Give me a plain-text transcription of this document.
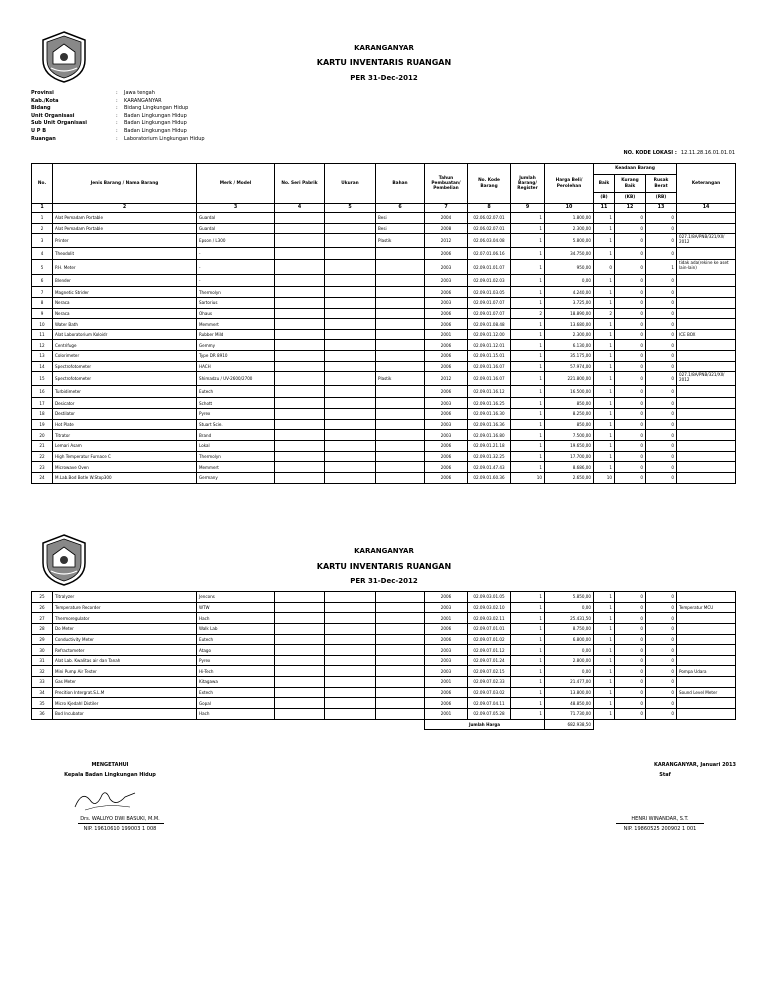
KARANGANYAR
KARTU INVENTARIS RUANGAN
PER 31-Dec-2012
Provinsi	:	Jawa tengah
Kab./Kota	:	KARANGANYAR
Bidang	:	Bidang Lingkungan Hidup
Unit Organisasi	:	Badan Lingkungan Hidup
Sub Unit Organisasi	:	Badan Lingkungan Hidup
U P B	:	Badan Lingkungan Hidup
Ruangan	:	Laboratorium Lingkungan Hidup
NO. KODE LOKASI : 12.11.28.16.01.01.01
No.	Jenis Barang / Nama Barang	Merk / Model	No. Seri Pabrik	Ukuran	Bahan	Tahun Pembuatan/ Pembelian	No. Kode Barang	Jumlah Barang/ Register	Harga Beli/ Perolehan	Keadaan Barang			Keterangan
										Baik	Kurang Baik	Rusak Berat	
										(B)	(KB)	(RB)	
1	2	3	4	5	6	7	8	9	10	11	12	13	14
1	Alat Pemadam Portable	Guardal			Besi	2004	02.06.02.07.01	1	1.800,00	1	0	0	
2	Alat Pemadam Portable	Guardal			Besi	2008	02.06.02.07.01	1	2.300,00	1	0	0	
3	Printer	Epson / L300			Plastik	2012	02.06.03.04.08	1	5.800,00	1	0	0	027.1/8A/PNB/321/XII/ 2012
4	Theodolit	-				2006	02.07.01.06.16	1	34.750,00	1	0	0	
5	P.H. Meter	-				2003	02.09.01.01.07	1	950,00	0	0	1	tidak ada(rekine ke aset lain-lain)
6	Blender	-				2003	02.09.01.02.03	1	0,00	1	0	0	
7	Magnetic Strider	Thermolyn				2006	02.09.01.03.05	1	4.240,00	1	0	0	
8	Neraca	Sartorius				2003	02.09.01.07.07	1	3.725,00	1	0	0	
9	Neraca	Ohaus				2006	02.09.01.07.07	2	18.890,00	2	0	0	
10	Water Bath	Memmert				2006	02.09.01.08.48	1	13.680,00	1	0	0	
11	Alat Laboratorium Koloidr	Rubber Mild				2001	02.09.01.12.00	1	2.300,00	1	0	0	ICE BOX
12	Centrifuge	Gemmy				2006	02.09.01.12.01	1	6.130,00	1	0	0	
13	Colorimeter	Type DR 8910				2006	02.09.01.15.01	1	35.175,00	1	0	0	
14	Spectrofotometer	HACH				2006	02.09.01.16.07	1	57.974,00	1	0	0	
15	Spectrofotometer	Shimadzu / UV-2600/2700			Plastik	2012	02.09.01.16.07	1	221.800,00	1	0	0	027.1/8A/PNB/321/XII/ 2012
16	Turbidimeter	Eutech				2006	02.09.01.16.12	1	16.500,00	1	0	0	
17	Desicator	Schott				2003	02.09.01.16.25	1	850,00	1	0	0	
18	Destilator	Pyrex				2006	02.09.01.16.30	1	8.250,00	1	0	0	
19	Hot Plate	Stuart Scie.				2003	02.09.01.16.36	1	850,00	1	0	0	
20	Titrator	Brand				2003	02.09.01.16.80	1	7.500,00	1	0	0	
21	Lemari Asam	Lokal				2006	02.09.01.21.18	1	19.650,00	1	0	0	
22	High Temperatur Furnace C	Thermolyn				2006	02.09.01.32.25	1	17.700,00	1	0	0	
23	Microwave Oven	Memmert				2006	02.09.01.47.43	1	8.686,00	1	0	0	
24	M.Lab.Bod Botle W.Stop300	Germany				2006	02.09.01.60.36	10	2.650,00	10	0	0	
KARANGANYAR
KARTU INVENTARIS RUANGAN
PER 31-Dec-2012
25	Titralyzer	Jencons				2006	02.09.03.01.05	1	5.850,00	1	0	0	
26	Temperature Recorder	WTW				2003	02.09.03.02.10	1	0,00	1	0	0	Temperatur MCU
27	Thermoregulator	Hach				2001	02.09.03.02.11	1	25.431,50	1	0	0	
28	Do Meter	Walk Lab				2006	02.09.07.01.01	1	8.750,00	1	0	0	
29	Conductivity Meter	Eutech				2006	02.09.07.01.02	1	6.800,00	1	0	0	
30	Refractometer	Atago				2003	02.09.07.01.12	1	0,00	1	0	0	
31	Alat Lab. Kwalitas air dan Tanah	Pyrex				2003	02.09.07.01.24	1	2.800,00	1	0	0	
32	Mini Pump Air Tester	Hi-Tech				2003	02.09.07.02.15	1	0,00	1	0	0	Pompa Udara
33	Gas Meter	Kitagawa				2001	02.09.07.02.33	1	21.477,00	1	0	0	
34	Precition Intergrat.S.L.M	Extech				2006	02.09.07.03.02	1	13.800,00	1	0	0	Sound Level Meter
35	Micro Kjedahl Distiler	Gopal				2006	02.09.07.04.11	1	48.850,00	1	0	0	
36	Bod Incubator	Hach				2001	02.09.07.05.28	1	71.730,00	1	0	0	
						Jumlah Harga			682.938,50				
MENGETAHUI
Kepala Badan Lingkungan Hidup
Drs. WALUYO DWI BASUKI, M.M.
NIP. 19610610 199003 1 008
KARANGANYAR, Januari 2013
Staf
HENRI WINANDAR, S.T.
NIP. 19860525 200902 1 001
